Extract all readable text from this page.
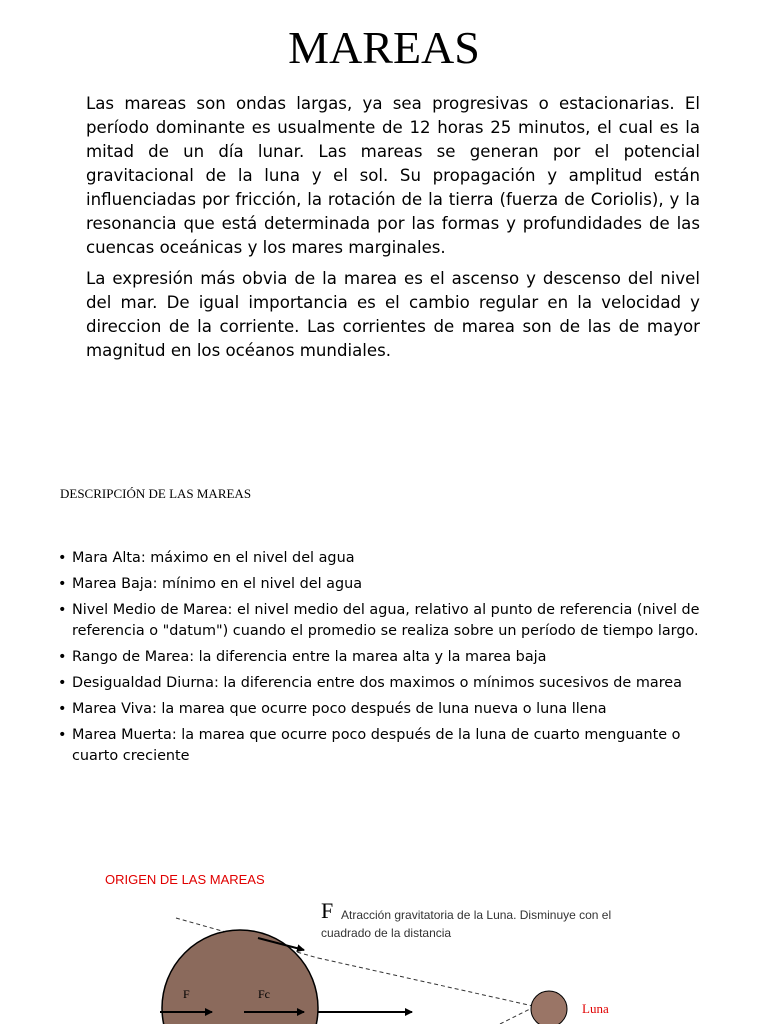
MAREAS

Las mareas son ondas largas, ya sea progresivas o estacionarias. El período dominante es usualmente de 12 horas 25 minutos, el cual es la mitad de un día lunar. Las mareas se generan por el potencial gravitacional de la luna y el sol. Su propagación y amplitud están influenciadas por fricción, la rotación de la tierra (fuerza de Coriolis), y la resonancia que está determinada por las formas y profundidades de las cuencas oceánicas y los mares marginales.

La expresión más obvia de la marea es el ascenso y descenso del nivel del mar. De igual importancia es el cambio regular en la velocidad y direccion de la corriente. Las corrientes de marea son de las de mayor magnitud en los océanos mundiales.

DESCRIPCIÓN DE LAS MAREAS
• Mara Alta: máximo en el nivel del agua
• Marea Baja: mínimo en el nivel del agua
• Nivel Medio de Marea: el nivel medio del agua, relativo al punto de referencia (nivel de referencia o "datum") cuando el promedio se realiza sobre un período de tiempo largo.
• Rango de Marea: la diferencia entre la marea alta y la marea baja
• Desigualdad Diurna: la diferencia entre dos maximos o mínimos sucesivos de marea
• Marea Viva: la marea que ocurre poco después de luna nueva o luna llena
• Marea Muerta: la marea que ocurre poco después de la luna de cuarto menguante o cuarto creciente
ORIGEN DE LAS MAREAS
F Atracción gravitatoria de la Luna. Disminuye con el
cuadrado de la distancia
F	Fc
Luna
